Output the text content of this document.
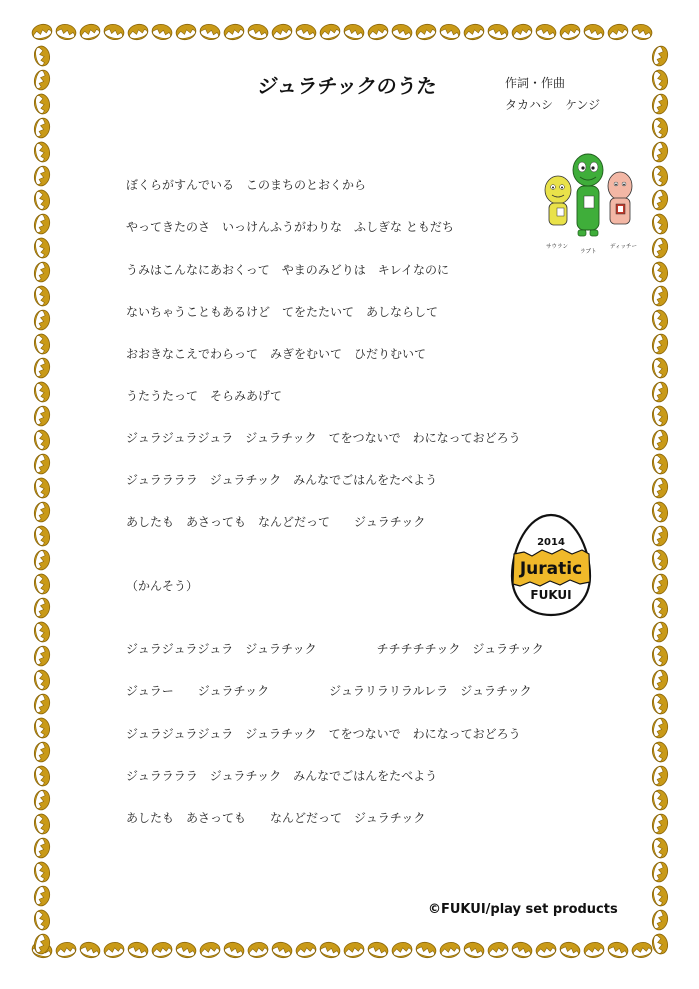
ジュラチックのうた	作詞・作曲
タカハシ　ケンジ
ぼくらがすんでいる　このまちのとおくから
やってきたのさ　いっけんふうがわりな　ふしぎな ともだち
うみはこんなにあおくって　やまのみどりは　キレイなのに
ないちゃうこともあるけど　てをたたいて　あしならして
おおきなこえでわらって　みぎをむいて　ひだりむいて
うたうたって　そらみあげて
ジュラジュラジュラ　ジュラチック　てをつないで　わになっておどろう
ジュララララ　ジュラチック　みんなでごはんをたべよう
あしたも　あさっても　なんどだって　　ジュラチック
（かんそう）
ジュラジュラジュラ　ジュラチック　　　　　チチチチチック　ジュラチック
ジュラー　　ジュラチック　　　　　ジュラリラリラルレラ　ジュラチック
ジュラジュラジュラ　ジュラチック　てをつないで　わになっておどろう
ジュララララ　ジュラチック　みんなでごはんをたべよう
あしたも　あさっても　　なんどだって　ジュラチック
サウラン
ラプト
ディッチー
2014
Juratic
FUKUI
©FUKUI/play set products
